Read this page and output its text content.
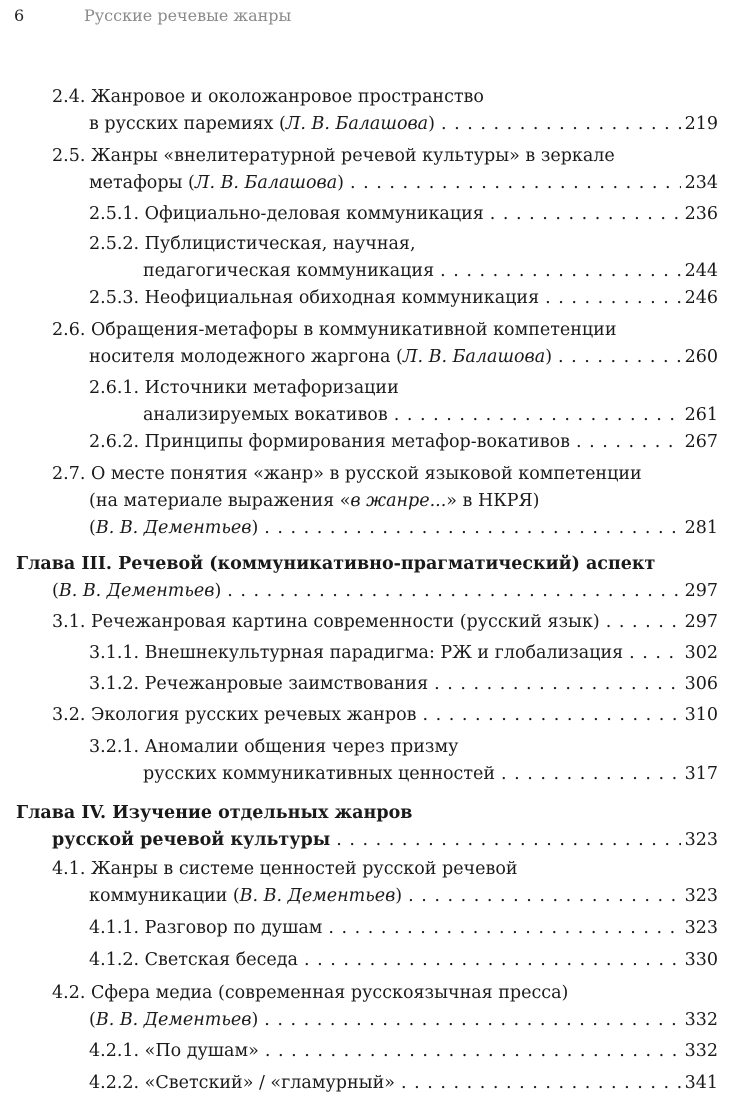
6	Русские речевые жанры
2.4. Жанровое и околожанровое пространство
в русских паремиях (Л. В. Балашова) . . .	219
2.5. Жанры «внелитературной речевой культуры» в зеркале
метафоры (Л. В. Балашова) . . .	234
2.5.1. Официально-деловая коммуникация . . .	236
2.5.2. Публицистическая, научная,
педагогическая коммуникация . . .	244
2.5.3. Неофициальная обиходная коммуникация . . .	246
2.6. Обращения-метафоры в коммуникативной компетенции
носителя молодежного жаргона (Л. В. Балашова) . . .	260
2.6.1. Источники метафоризации
анализируемых вокативов . . .	261
2.6.2. Принципы формирования метафор-вокативов . . .	267
2.7. О месте понятия «жанр» в русской языковой компетенции
(на материале выражения «в жанре...» в НКРЯ)
(В. В. Дементьев) . . .	281
Глава III. Речевой (коммуникативно-прагматический) аспект
(В. В. Дементьев) . . .	297
3.1. Речежанровая картина современности (русский язык) . . .	297
3.1.1. Внешнекультурная парадигма: РЖ и глобализация . . .	302
3.1.2. Речежанровые заимствования . . .	306
3.2. Экология русских речевых жанров . . .	310
3.2.1. Аномалии общения через призму
русских коммуникативных ценностей . . .	317
Глава IV. Изучение отдельных жанров
русской речевой культуры . . .	323
4.1. Жанры в системе ценностей русской речевой
коммуникации (В. В. Дементьев) . . .	323
4.1.1. Разговор по душам . . .	323
4.1.2. Светская беседа . . .	330
4.2. Сфера медиа (современная русскоязычная пресса)
(В. В. Дементьев) . . .	332
4.2.1. «По душам» . . .	332
4.2.2. «Светский» / «гламурный» . . .	341
